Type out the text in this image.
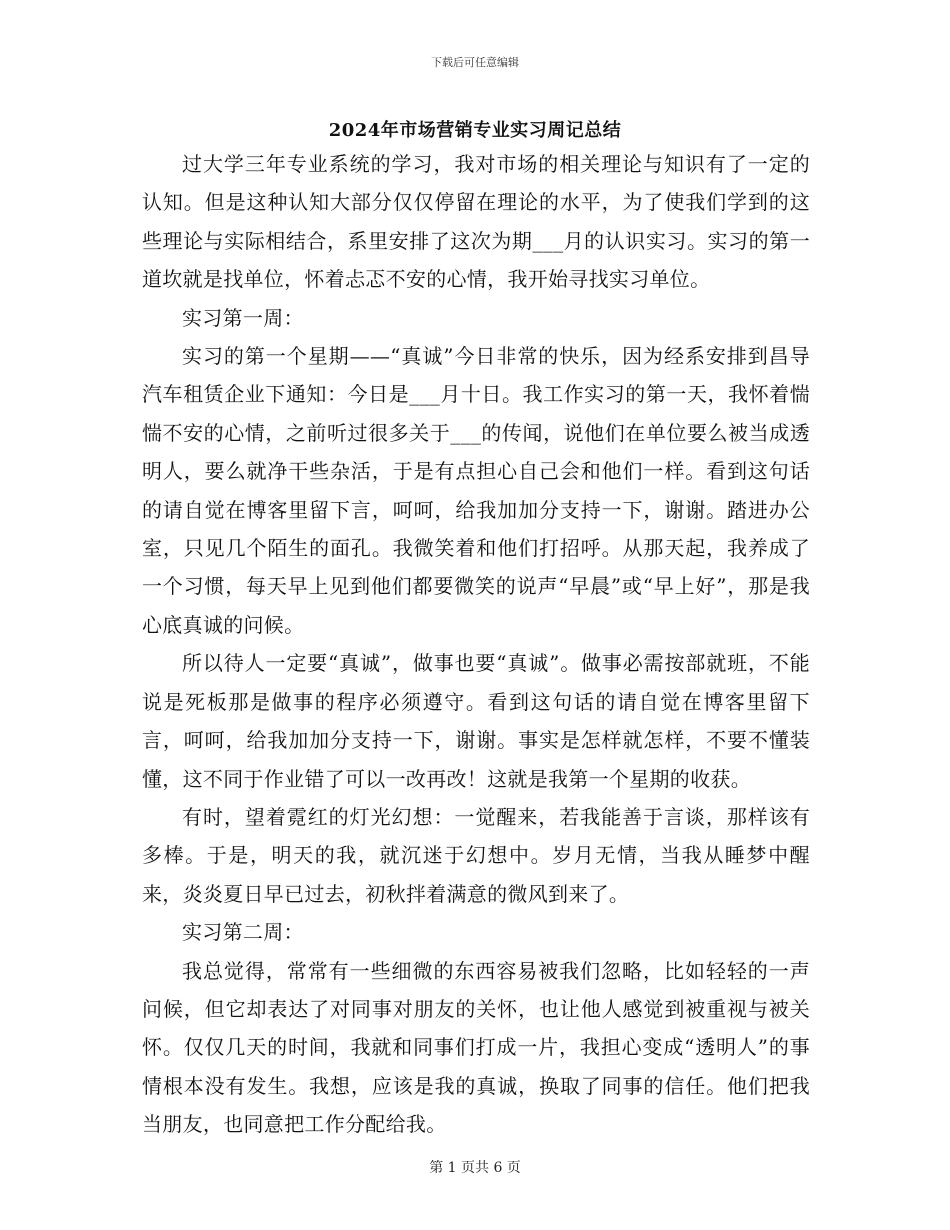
下载后可任意编辑
2024年市场营销专业实习周记总结

过大学三年专业系统的学习，我对市场的相关理论与知识有了一定的认知。但是这种认知大部分仅仅停留在理论的水平，为了使我们学到的这些理论与实际相结合，系里安排了这次为期___月的认识实习。实习的第一道坎就是找单位，怀着忐忑不安的心情，我开始寻找实习单位。

实习第一周：

实习的第一个星期——“真诚”今日非常的快乐，因为经系安排到昌导汽车租赁企业下通知：今日是___月十日。我工作实习的第一天，我怀着惴惴不安的心情，之前听过很多关于___的传闻，说他们在单位要么被当成透明人，要么就净干些杂活，于是有点担心自己会和他们一样。看到这句话的请自觉在博客里留下言，呵呵，给我加加分支持一下，谢谢。踏进办公室，只见几个陌生的面孔。我微笑着和他们打招呼。从那天起，我养成了一个习惯，每天早上见到他们都要微笑的说声“早晨”或“早上好”，那是我心底真诚的问候。

所以待人一定要“真诚”，做事也要“真诚”。做事必需按部就班，不能说是死板那是做事的程序必须遵守。看到这句话的请自觉在博客里留下言，呵呵，给我加加分支持一下，谢谢。事实是怎样就怎样，不要不懂装懂，这不同于作业错了可以一改再改！这就是我第一个星期的收获。

有时，望着霓红的灯光幻想：一觉醒来，若我能善于言谈，那样该有多棒。于是，明天的我，就沉迷于幻想中。岁月无情，当我从睡梦中醒来，炎炎夏日早已过去，初秋拌着满意的微风到来了。

实习第二周：

我总觉得，常常有一些细微的东西容易被我们忽略，比如轻轻的一声问候，但它却表达了对同事对朋友的关怀，也让他人感觉到被重视与被关怀。仅仅几天的时间，我就和同事们打成一片，我担心变成“透明人”的事情根本没有发生。我想，应该是我的真诚，换取了同事的信任。他们把我当朋友，也同意把工作分配给我。

第 1 页共 6 页
